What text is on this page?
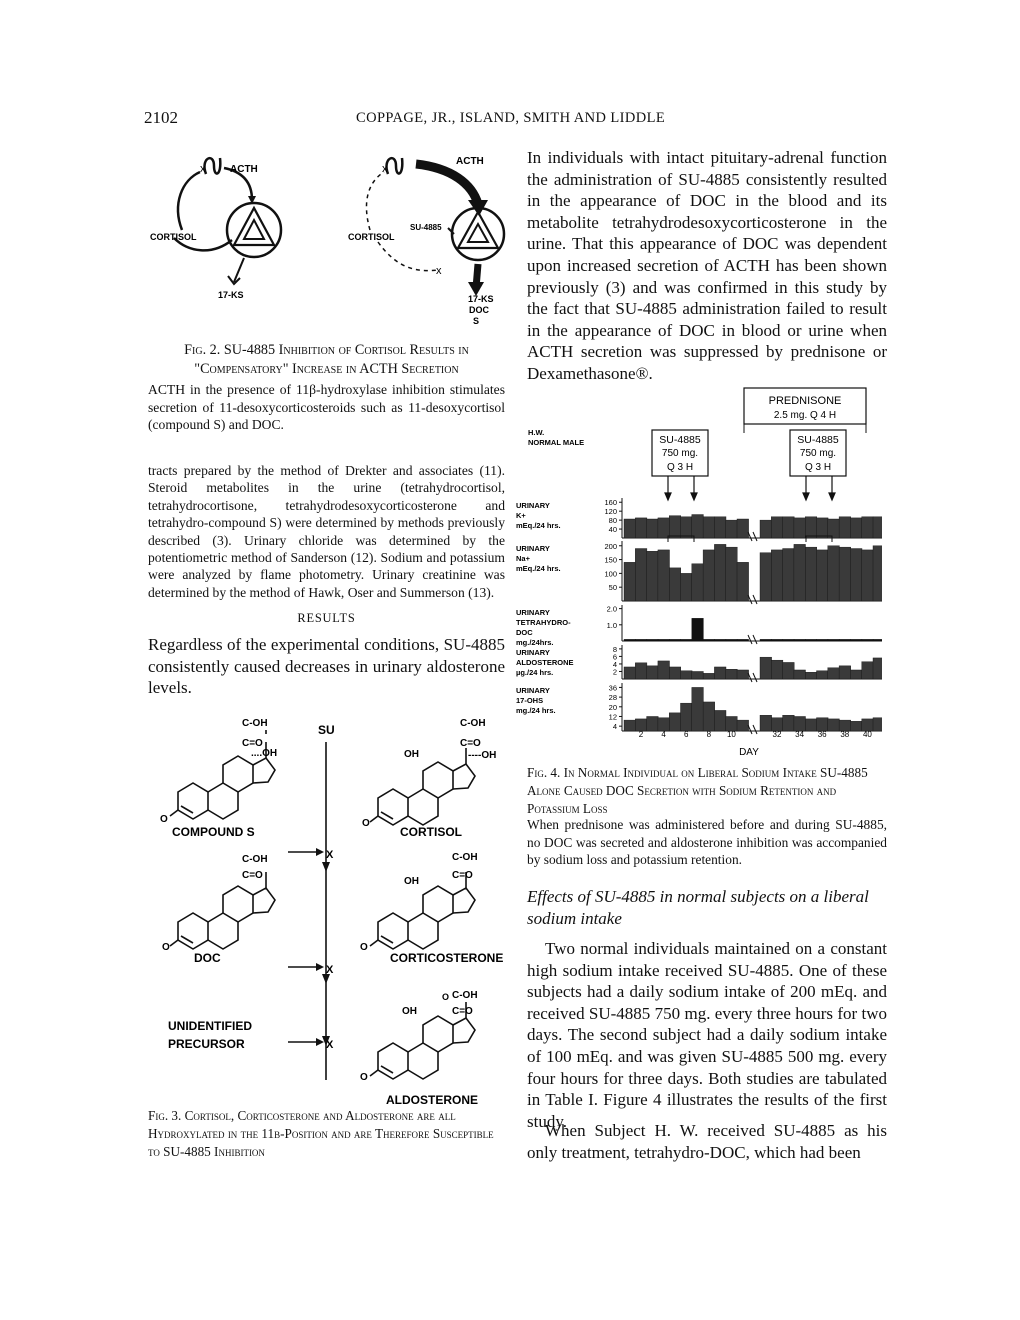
2102	COPPAGE, JR., ISLAND, SMITH AND LIDDLE
ACTH
CORTISOL
17-KS
x
ACTH
x
CORTISOL
SU-4885
x
17-KS
DOC
S
Fig. 2. SU-4885 Inhibition of Cortisol Results in "Compensatory" Increase in ACTH Secretion
ACTH in the presence of 11β-hydroxylase inhibition stimulates secretion of 11-desoxycorticosteroids such as 11-desoxycortisol (compound S) and DOC.
tracts prepared by the method of Drekter and associates (11). Steroid metabolites in the urine (tetrahydrocortisol, tetrahydrocortisone, tetrahydrodesoxycorticosterone and tetrahydro-compound S) were determined by methods previously described (3). Urinary chloride was determined by the potentiometric method of Sanderson (12). Sodium and potassium were analyzed by flame photometry. Urinary creatinine was determined by the method of Hawk, Oser and Summerson (13).
RESULTS
Regardless of the experimental conditions, SU-4885 consistently caused decreases in urinary aldosterone levels.
C-OH
C=O
....OH
O
COMPOUND S
SU
X
X
X
C-OH
C=O
----OH
OH
O
CORTISOL
C-OH
C=O
O
DOC
C-OH
C=O
OH
O
CORTICOSTERONE
UNIDENTIFIED
PRECURSOR
C-OH
C=O
O
OH
O
ALDOSTERONE
Fig. 3. Cortisol, Corticosterone and Aldosterone are all Hydroxylated in the 11β-Position and are Therefore Susceptible to SU-4885 Inhibition
In individuals with intact pituitary-adrenal function the administration of SU-4885 consistently resulted in the appearance of DOC in the blood and its metabolite tetrahydrodesoxycorticosterone in the urine. That this appearance of DOC was dependent upon increased secretion of ACTH has been shown previously (3) and was confirmed in this study by the fact that SU-4885 administration failed to result in the appearance of DOC in blood or urine when ACTH secretion was suppressed by prednisone or Dexamethasone®.
H.W.
NORMAL MALE
PREDNISONE
2.5 mg. Q 4 H
SU-4885
750 mg.
Q 3 H
SU-4885
750 mg.
Q 3 H
URINARY
K+
mEq./24 hrs.
160
120
80
40
URINARY
Na+
mEq./24 hrs.
200
150
100
50
URINARY
TETRAHYDRO-
DOC
mg./24hrs.
2.0
1.0
URINARY
ALDOSTERONE
µg./24 hrs.
8
6
4
2
URINARY
17-OHS
mg./24 hrs.
36
28
20
12
4
2 4 6 8 10	32 34 36 38 40
DAY
Fig. 4. In Normal Individual on Liberal Sodium Intake SU-4885 Alone Caused DOC Secretion with Sodium Retention and Potassium Loss
When prednisone was administered before and during SU-4885, no DOC was secreted and aldosterone inhibition was accompanied by sodium loss and potassium retention.
Effects of SU-4885 in normal subjects on a liberal sodium intake
Two normal individuals maintained on a constant high sodium intake received SU-4885. One of these subjects had a daily sodium intake of 200 mEq. and received SU-4885 750 mg. every three hours for two days. The second subject had a daily sodium intake of 100 mEq. and was given SU-4885 500 mg. every four hours for three days. Both studies are tabulated in Table I. Figure 4 illustrates the results of the first study.
When Subject H. W. received SU-4885 as his only treatment, tetrahydro-DOC, which had been
